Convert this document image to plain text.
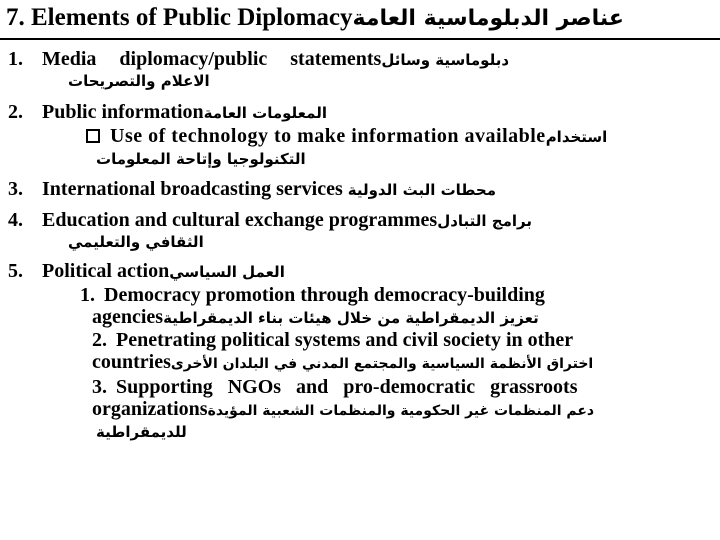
7. Elements of Public Diplomacyعناصر الدبلوماسية العامة
1. Media diplomacy/public statementsدبلوماسية وسائل
الاعلام والتصريحات
2. Public informationالمعلومات العامة
Use of technology to make information availableاستخدام
التكنولوجيا وإتاحة المعلومات
3. International broadcasting services محطات البث الدولية
4. Education and cultural exchange programmesبرامج التبادل
الثقافي والتعليمي
5. Political actionالعمل السياسي
1. Democracy promotion through democracy-building
agenciesتعزيز الديمقراطية من خلال هيئات بناء الديمقراطية
2. Penetrating political systems and civil society in other
countriesاختراق الأنظمة السياسية والمجتمع المدني في البلدان الأخرى
3. Supporting NGOs and pro-democratic grassroots
organizationsدعم المنظمات غير الحكومية والمنظمات الشعبية المؤيدة
للديمقراطية
